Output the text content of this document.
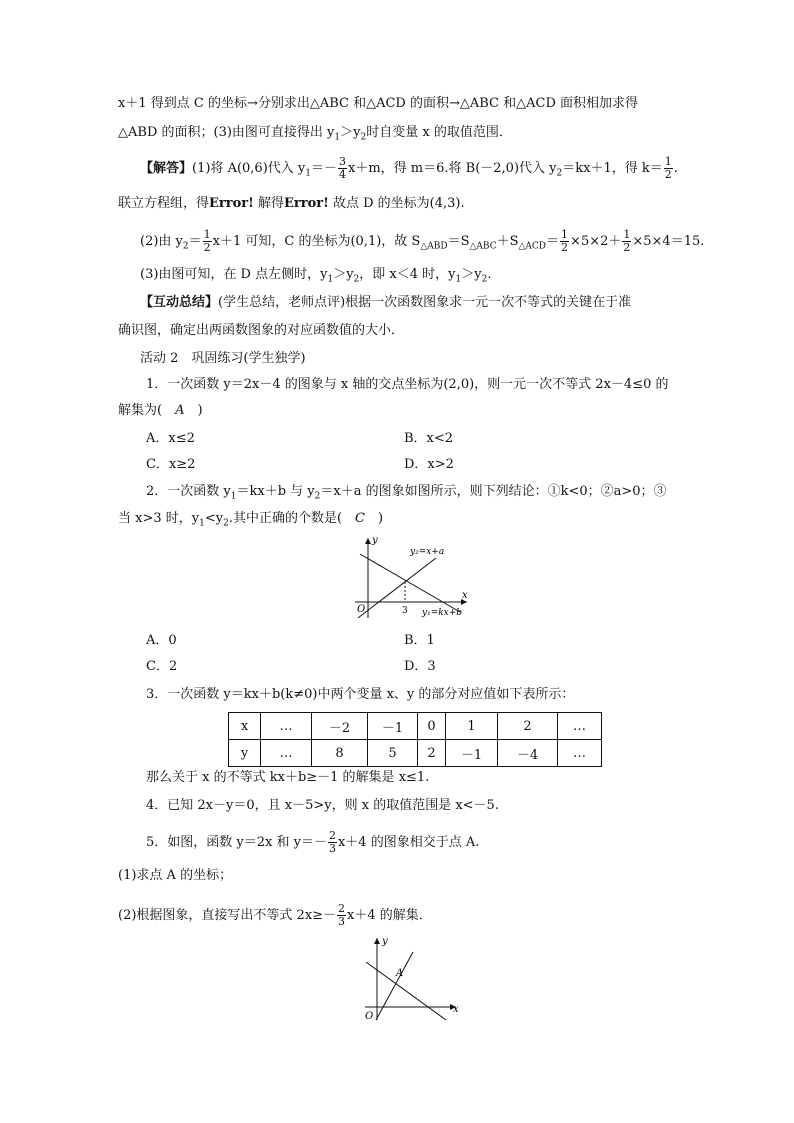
x＋1 得到点 C 的坐标→分别求出△ABC 和△ACD 的面积→△ABC 和△ACD 面积相加求得
△ABD 的面积；(3)由图可直接得出 $y_1>y_2$时自变量 x 的取值范围．
【解答】(1)将 A(0,6)代入 $y_1=- \frac{3}{4} x+m$，得 m＝6.将 B(－2,0)代入 $y_2=kx+1$，得 $k= \frac{1}{2}$ .
联立方程组，得Error! 解得Error! 故点 D 的坐标为(4,3).
(2)由 $y_2= \frac{1}{2} x+1$ 可知，C 的坐标为(0,1)，故 $S_{\triangle ABD}=S_{\triangle ABC}+S_{\triangle ACD}= \frac{1}{2} \times 5\times 2+ \frac{1}{2} \times 5\times 4=15$.
(3)由图可知，在 D 点左侧时，$y_1>y_2$，即 x＜4 时，$y_1>y_2$.
【互动总结】(学生总结，老师点评)根据一次函数图象求一元一次不等式的关键在于准
确识图，确定出两函数图象的对应函数值的大小．
活动 2　巩固练习(学生独学)
1．一次函数 y＝2x－4 的图象与 x 轴的交点坐标为(2,0)，则一元一次不等式 2x－4≤0 的
解集为(　A　)
A．x≤2	B．x<2
C．x≥2	D．x>2
2．一次函数 $y_1=kx+b$ 与 $y_2=x+a$ 的图象如图所示，则下列结论：①k<0；②a>0；③
当 x>3 时，$y_1<y_2$.其中正确的个数是(　C　)
y
x
O	3
y₂=x+a
y₁=kx+b
A．0	B．1
C．2	D．3
3．一次函数 y＝kx＋b(k≠0)中两个变量 x、y 的部分对应值如下表所示：
x	…	－2	－1	0	1	2	…
y	…	8	5	2	－1	－4	…
那么关于 x 的不等式 kx＋b≥－1 的解集是 x≤1.
4．已知 2x－y＝0，且 x－5>y，则 x 的取值范围是 x<－5.
5．如图，函数 y＝2x 和 $y=- \frac{2}{3} x+4$ 的图象相交于点 A.
(1)求点 A 的坐标；
(2)根据图象，直接写出不等式 $2x\ge- \frac{2}{3} x+4$ 的解集．
y
x
O
A
